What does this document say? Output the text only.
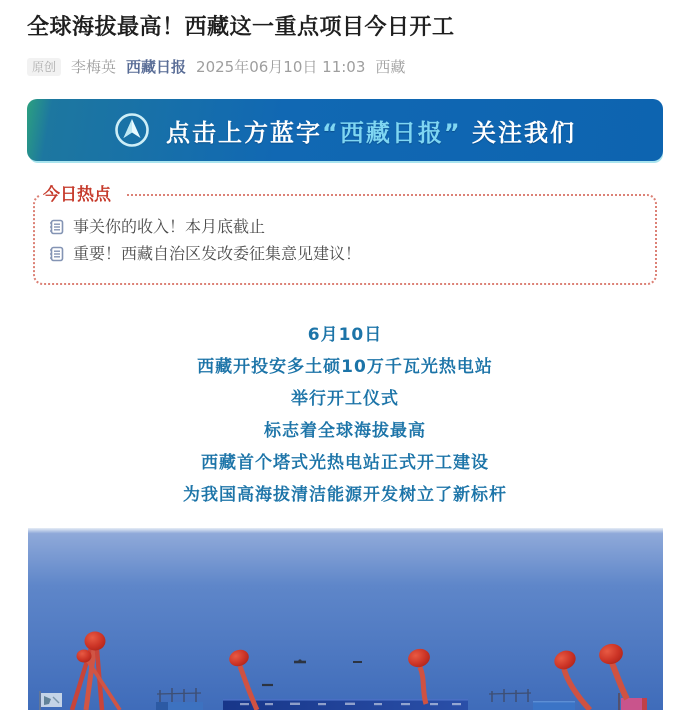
全球海拔最高！西藏这一重点项目今日开工
原创	李梅英 西藏日报 2025年06月10日 11:03 西藏
点击上方蓝字“西藏日报” 关注我们
今日热点
事关你的收入！本月底截止
重要！西藏自治区发改委征集意见建议！

6月10日

西藏开投安多土硕10万千瓦光热电站

举行开工仪式

标志着全球海拔最高

西藏首个塔式光热电站正式开工建设

为我国高海拔清洁能源开发树立了新标杆
